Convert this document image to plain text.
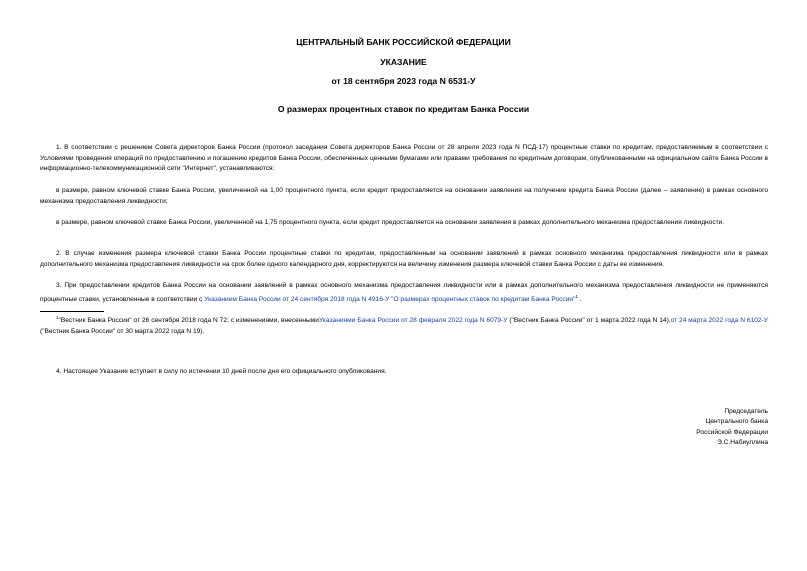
ЦЕНТРАЛЬНЫЙ БАНК РОССИЙСКОЙ ФЕДЕРАЦИИ
УКАЗАНИЕ
от 18 сентября 2023 года N 6531-У
О размерах процентных ставок по кредитам Банка России

1. В соответствии с решением Совета директоров Банка России (протокол заседания Совета директоров Банка России от 28 апреля 2023 года N ПСД-17) процентные ставки по кредитам, предоставляемым в соответствии с Условиями проведения операций по предоставлению и погашению кредитов Банка России, обеспеченных ценными бумагами или правами требования по кредитным договорам, опубликованными на официальном сайте Банка России в информационно-телекоммуникационной сети "Интернет", устанавливаются:

в размере, равном ключевой ставке Банка России, увеличенной на 1,00 процентного пункта, если кредит предоставляется на основании заявления на получение кредита Банка России (далее – заявление) в рамках основного механизма предоставления ликвидности;

в размере, равном ключевой ставке Банка России, увеличенной на 1,75 процентного пункта, если кредит предоставляется на основании заявления в рамках дополнительного механизма предоставления ликвидности.

2. В случае изменения размера ключевой ставки Банка России процентные ставки по кредитам, предоставленным на основании заявлений в рамках основного механизма предоставления ликвидности или в рамках дополнительного механизма предоставления ликвидности на срок более одного календарного дня, корректируются на величину изменения размера ключевой ставки Банка России с даты ее изменения.

3. При предоставлении кредитов Банка России на основании заявлений в рамках основного механизма предоставления ликвидности или в рамках дополнительного механизма предоставления ликвидности не применяются процентные ставки, установленные в соответствии с Указанием Банка России от 24 сентября 2018 года N 4916-У "О размерах процентных ставок по кредитам Банка России"$^1$ .

$^1$"Вестник Банка России" от 26 сентября 2018 года N 72; с изменениями, внесеннымиУказаниями Банка России от 28 февраля 2022 года N 6079-У ("Вестник Банка России" от 1 марта 2022 года N 14),от 24 марта 2022 года N 6102-У ("Вестник Банка России" от 30 марта 2022 года N 19).

4. Настоящее Указание вступает в силу по истечении 10 дней после дня его официального опубликования.

Председатель
Центрального банка
Российской Федерации
Э.С.Набиуллина
